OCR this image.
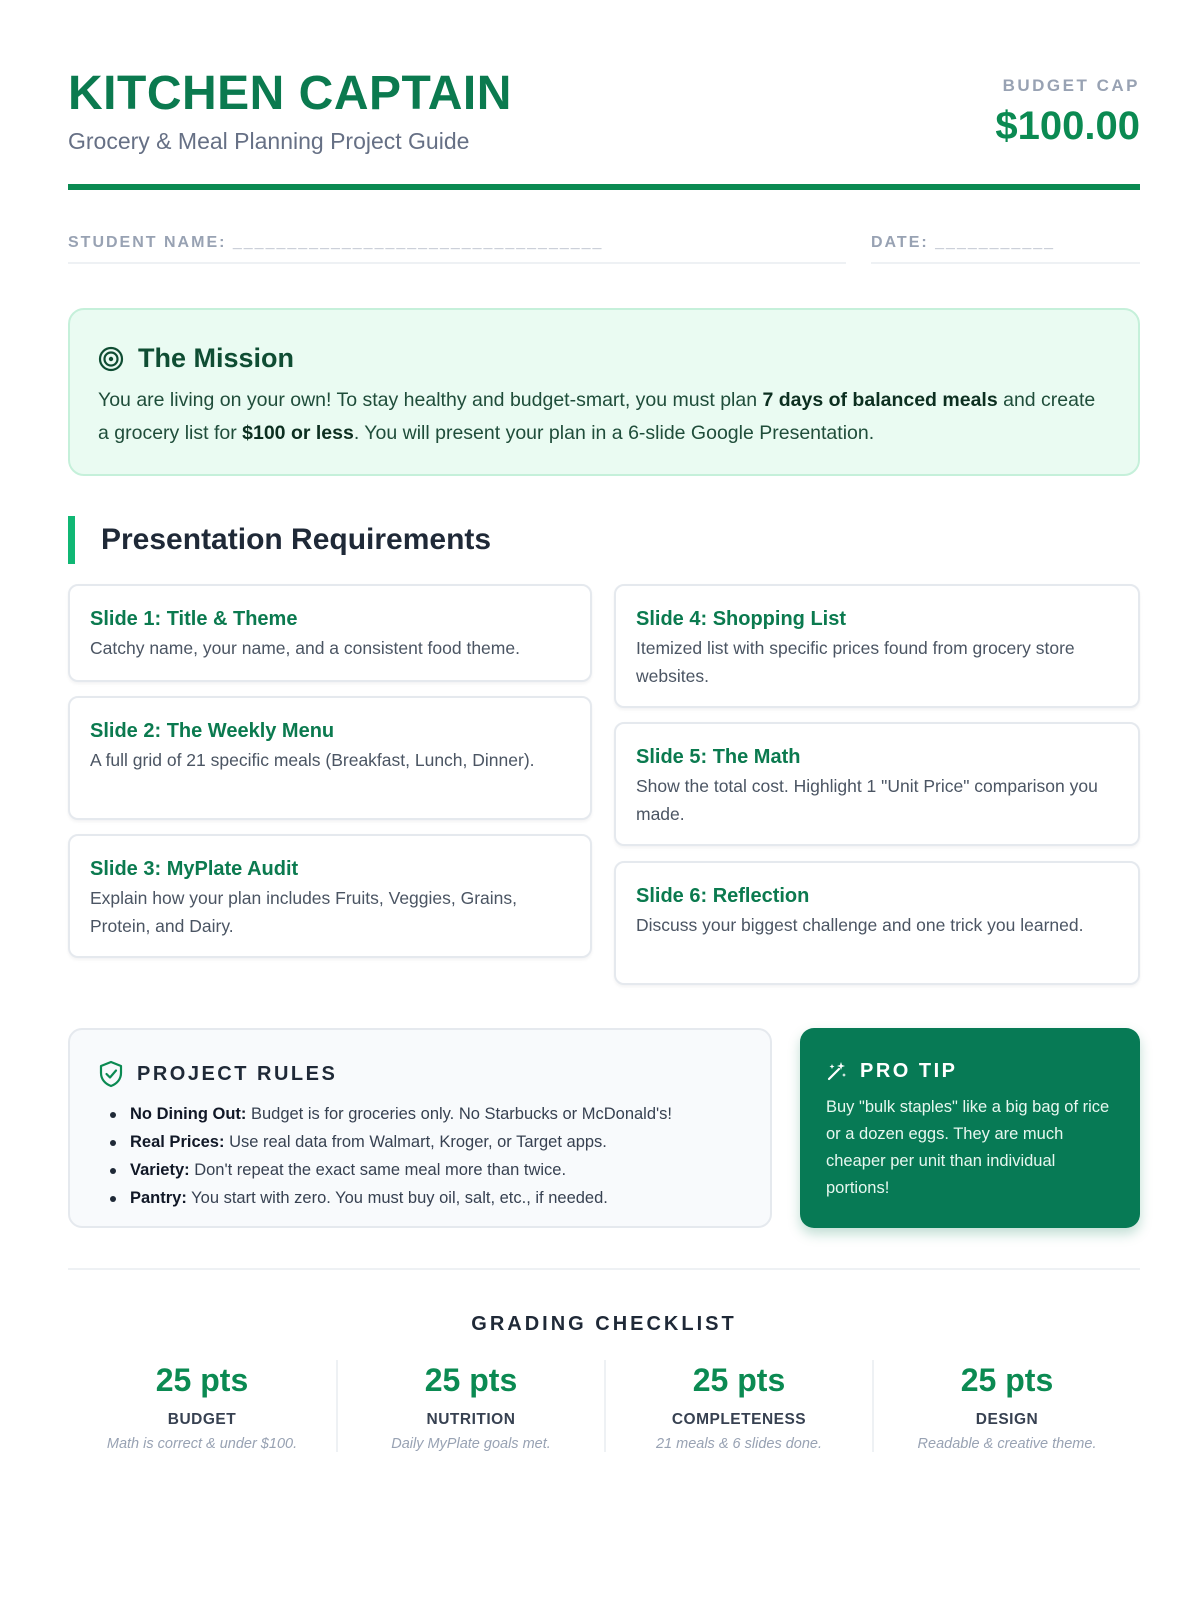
KITCHEN CAPTAIN
Grocery & Meal Planning Project Guide
BUDGET CAP
$100.00
STUDENT NAME: __________________________________	DATE: ___________
The Mission
You are living on your own! To stay healthy and budget-smart, you must plan 7 days of balanced meals and create a grocery list for $100 or less. You will present your plan in a 6-slide Google Presentation.
Presentation Requirements
Slide 1: Title & Theme
Catchy name, your name, and a consistent food theme.
Slide 2: The Weekly Menu
A full grid of 21 specific meals (Breakfast, Lunch, Dinner).
Slide 3: MyPlate Audit
Explain how your plan includes Fruits, Veggies, Grains, Protein, and Dairy.
Slide 4: Shopping List
Itemized list with specific prices found from grocery store websites.
Slide 5: The Math
Show the total cost. Highlight 1 "Unit Price" comparison you made.
Slide 6: Reflection
Discuss your biggest challenge and one trick you learned.
PROJECT RULES
No Dining Out: Budget is for groceries only. No Starbucks or McDonald's!
Real Prices: Use real data from Walmart, Kroger, or Target apps.
Variety: Don't repeat the exact same meal more than twice.
Pantry: You start with zero. You must buy oil, salt, etc., if needed.
PRO TIP
Buy "bulk staples" like a big bag of rice or a dozen eggs. They are much cheaper per unit than individual portions!
GRADING CHECKLIST
25 pts
BUDGET
Math is correct & under $100.
25 pts
NUTRITION
Daily MyPlate goals met.
25 pts
COMPLETENESS
21 meals & 6 slides done.
25 pts
DESIGN
Readable & creative theme.
